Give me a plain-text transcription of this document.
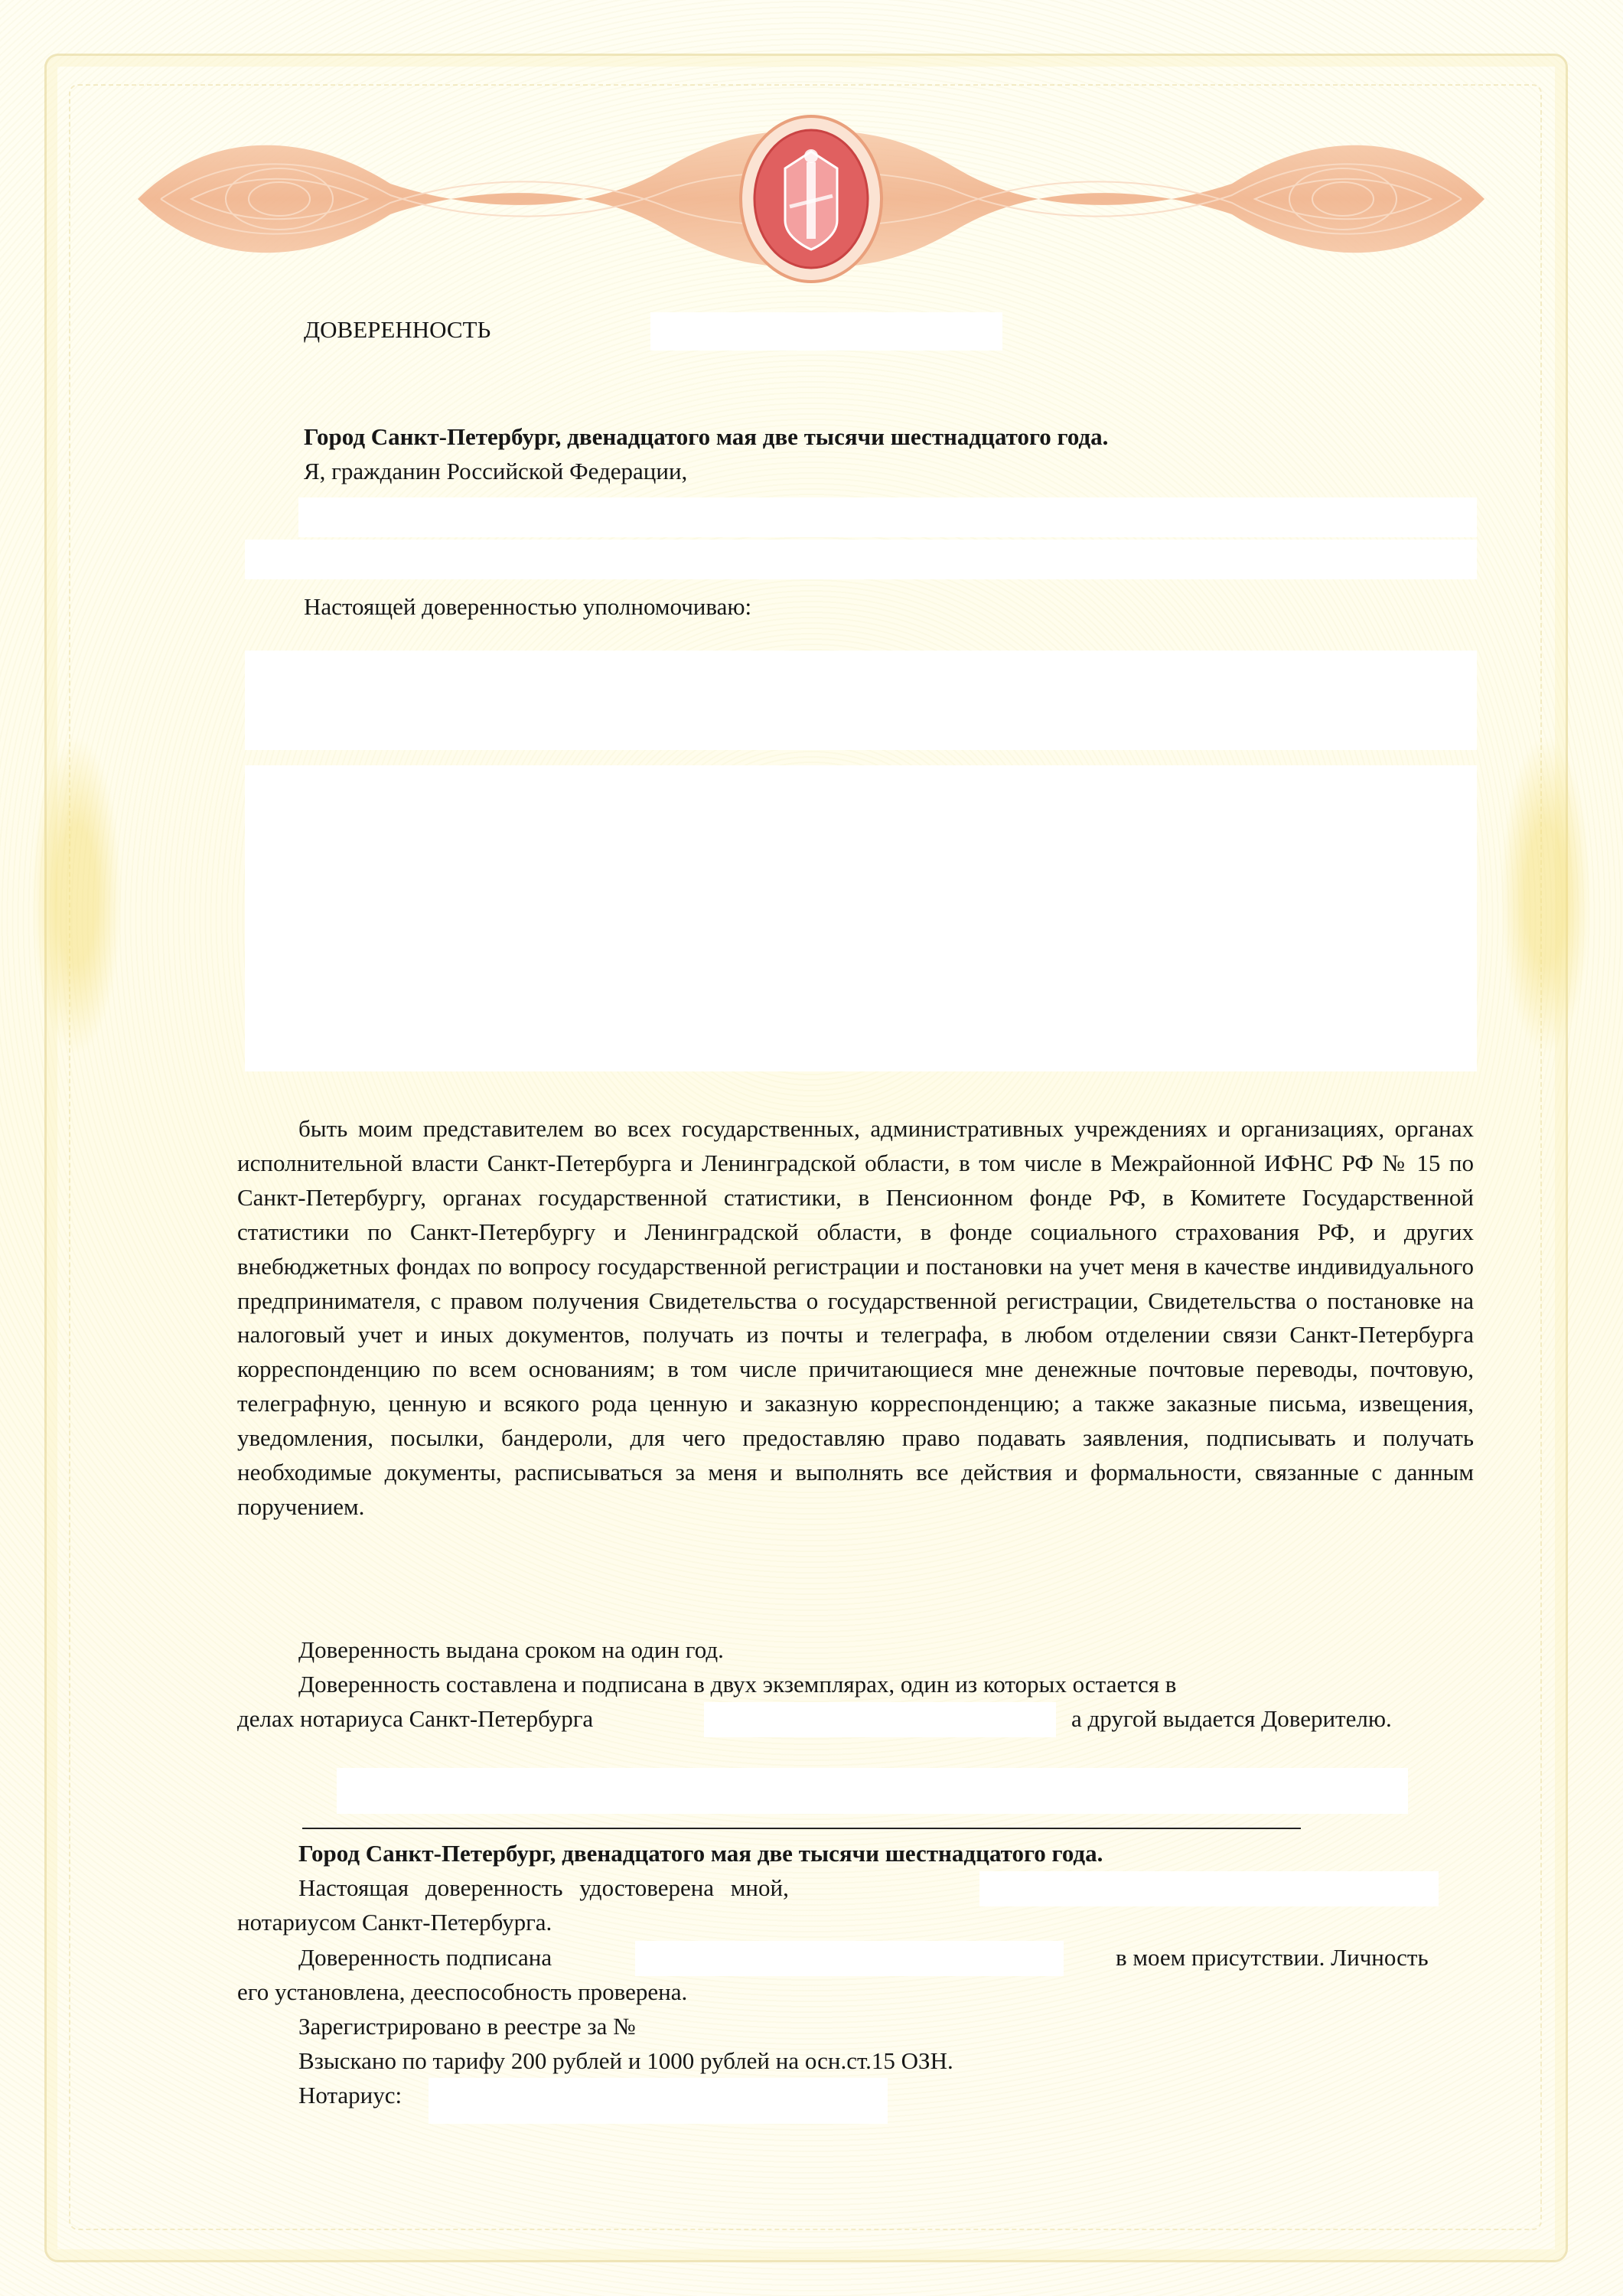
ДОВЕРЕННОСТЬ
Город Санкт-Петербург, двенадцатого мая две тысячи шестнадцатого года.
Я, гражданин Российской Федерации,
Настоящей доверенностью уполномочиваю:
быть моим представителем во всех государственных, административных учреждениях и организациях, органах исполнительной власти Санкт-Петербурга и Ленинградской области, в том числе в Межрайонной ИФНС РФ № 15 по Санкт-Петербургу, органах государственной статистики, в Пенсионном фонде РФ, в Комитете Государственной статистики по Санкт-Петербургу и Ленинградской области, в фонде социального страхования РФ, и других внебюджетных фондах по вопросу государственной регистрации и постановки на учет меня в качестве индивидуального предпринимателя, с правом получения Свидетельства о государственной регистрации, Свидетельства о постановке на налоговый учет и иных документов, получать из почты и телеграфа, в любом отделении связи Санкт-Петербурга корреспонденцию по всем основаниям; в том числе причитающиеся мне денежные почтовые переводы, почтовую, телеграфную, ценную и всякого рода ценную и заказную корреспонденцию; а также заказные письма, извещения, уведомления, посылки, бандероли, для чего предоставляю право подавать заявления, подписывать и получать необходимые документы, расписываться за меня и выполнять все действия и формальности, связанные с данным поручением.
Доверенность выдана сроком на один год.
Доверенность составлена и подписана в двух экземплярах, один из которых остается в
делах нотариуса Санкт-Петербурга	а другой выдается Доверителю.
Город Санкт-Петербург, двенадцатого мая две тысячи шестнадцатого года.
Настоящая доверенность удостоверена мной,
нотариусом Санкт-Петербурга.
Доверенность подписана	в моем присутствии. Личность
его установлена, дееспособность проверена.
Зарегистрировано в реестре за №
Взыскано по тарифу 200 рублей и 1000 рублей на осн.ст.15 ОЗН.
Нотариус:
